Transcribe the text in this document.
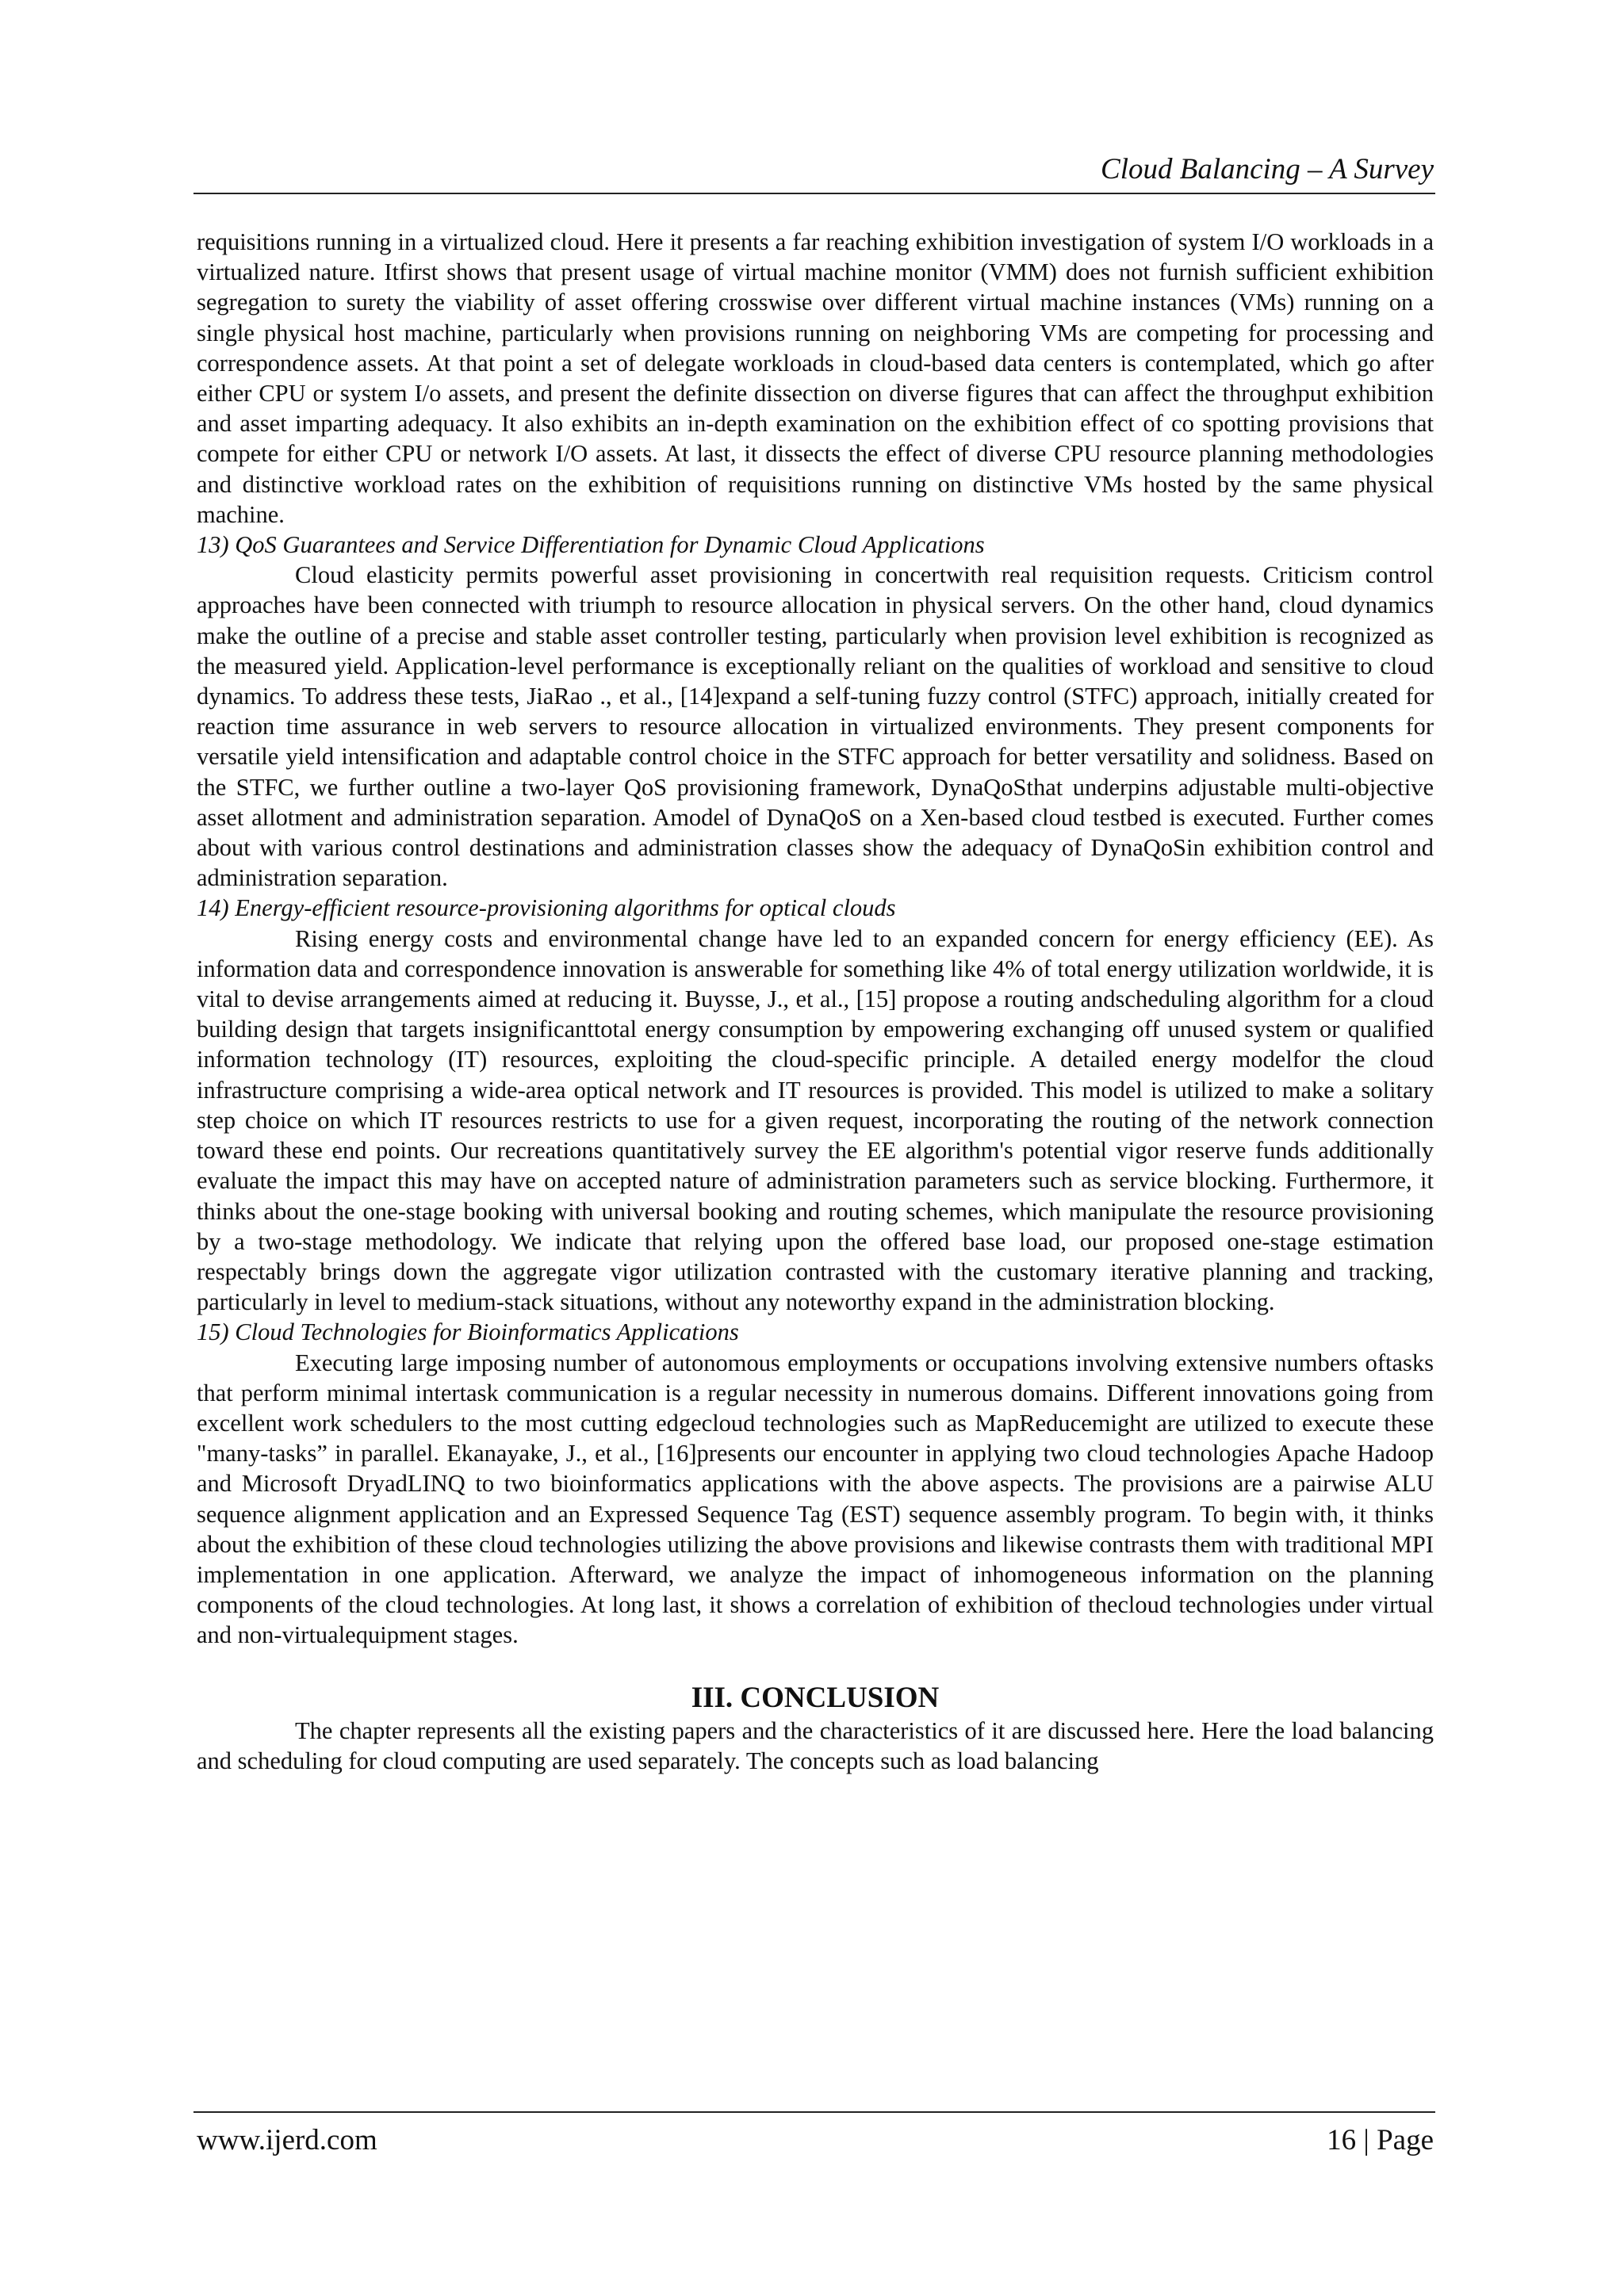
Cloud Balancing – A Survey

requisitions running in a virtualized cloud. Here it presents a far reaching exhibition investigation of system I/O workloads in a virtualized nature. Itfirst shows that present usage of virtual machine monitor (VMM) does not furnish sufficient exhibition segregation to surety the viability of asset offering crosswise over different virtual machine instances (VMs) running on a single physical host machine, particularly when provisions running on neighboring VMs are competing for processing and correspondence assets. At that point a set of delegate workloads in cloud-based data centers is contemplated, which go after either CPU or system I/o assets, and present the definite dissection on diverse figures that can affect the throughput exhibition and asset imparting adequacy. It also exhibits an in-depth examination on the exhibition effect of co spotting provisions that compete for either CPU or network I/O assets. At last, it dissects the effect of diverse CPU resource planning methodologies and distinctive workload rates on the exhibition of requisitions running on distinctive VMs hosted by the same physical machine.

13) QoS Guarantees and Service Differentiation for Dynamic Cloud Applications

Cloud elasticity permits powerful asset provisioning in concertwith real requisition requests. Criticism control approaches have been connected with triumph to resource allocation in physical servers. On the other hand, cloud dynamics make the outline of a precise and stable asset controller testing, particularly when provision level exhibition is recognized as the measured yield. Application-level performance is exceptionally reliant on the qualities of workload and sensitive to cloud dynamics. To address these tests, JiaRao ., et al., [14]expand a self-tuning fuzzy control (STFC) approach, initially created for reaction time assurance in web servers to resource allocation in virtualized environments. They present components for versatile yield intensification and adaptable control choice in the STFC approach for better versatility and solidness. Based on the STFC, we further outline a two-layer QoS provisioning framework, DynaQoSthat underpins adjustable multi-objective asset allotment and administration separation. Amodel of DynaQoS on a Xen-based cloud testbed is executed. Further comes about with various control destinations and administration classes show the adequacy of DynaQoSin exhibition control and administration separation.

14) Energy-efficient resource-provisioning algorithms for optical clouds

Rising energy costs and environmental change have led to an expanded concern for energy efficiency (EE). As information data and correspondence innovation is answerable for something like 4% of total energy utilization worldwide, it is vital to devise arrangements aimed at reducing it. Buysse, J., et al., [15] propose a routing andscheduling algorithm for a cloud building design that targets insignificanttotal energy consumption by empowering exchanging off unused system or qualified information technology (IT) resources, exploiting the cloud-specific principle. A detailed energy modelfor the cloud infrastructure comprising a wide-area optical network and IT resources is provided. This model is utilized to make a solitary step choice on which IT resources restricts to use for a given request, incorporating the routing of the network connection toward these end points. Our recreations quantitatively survey the EE algorithm's potential vigor reserve funds additionally evaluate the impact this may have on accepted nature of administration parameters such as service blocking. Furthermore, it thinks about the one-stage booking with universal booking and routing schemes, which manipulate the resource provisioning by a two-stage methodology. We indicate that relying upon the offered base load, our proposed one-stage estimation respectably brings down the aggregate vigor utilization contrasted with the customary iterative planning and tracking, particularly in level to medium-stack situations, without any noteworthy expand in the administration blocking.

15) Cloud Technologies for Bioinformatics Applications

Executing large imposing number of autonomous employments or occupations involving extensive numbers oftasks that perform minimal intertask communication is a regular necessity in numerous domains. Different innovations going from excellent work schedulers to the most cutting edgecloud technologies such as MapReducemight are utilized to execute these "many-tasks” in parallel. Ekanayake, J., et al., [16]presents our encounter in applying two cloud technologies Apache Hadoop and Microsoft DryadLINQ to two bioinformatics applications with the above aspects. The provisions are a pairwise ALU sequence alignment application and an Expressed Sequence Tag (EST) sequence assembly program. To begin with, it thinks about the exhibition of these cloud technologies utilizing the above provisions and likewise contrasts them with traditional MPI implementation in one application. Afterward, we analyze the impact of inhomogeneous information on the planning components of the cloud technologies. At long last, it shows a correlation of exhibition of thecloud technologies under virtual and non-virtualequipment stages.

III. CONCLUSION

The chapter represents all the existing papers and the characteristics of it are discussed here. Here the load balancing and scheduling for cloud computing are used separately. The concepts such as load balancing

www.ijerd.com	16 | Page
